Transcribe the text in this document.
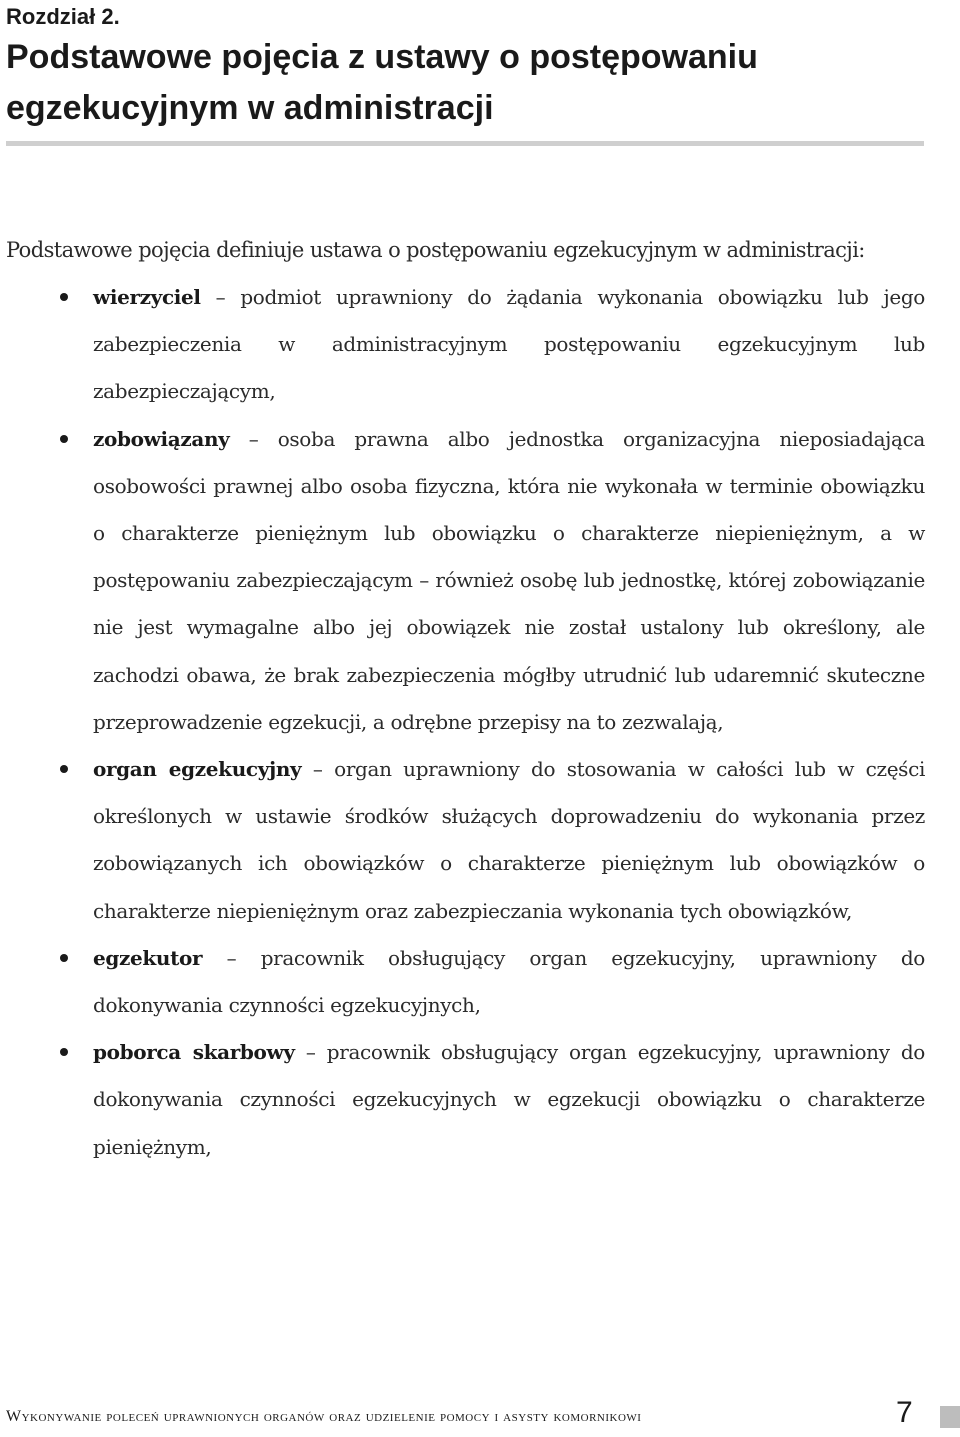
Rozdział 2.
Podstawowe pojęcia z ustawy o postępowaniu egzekucyjnym w administracji

Podstawowe pojęcia definiuje ustawa o postępowaniu egzekucyjnym w administracji:

wierzyciel – podmiot uprawniony do żądania wykonania obowiązku lub jego zabezpieczenia w administracyjnym postępowaniu egzekucyjnym lub zabezpieczającym,
zobowiązany – osoba prawna albo jednostka organizacyjna nieposiadająca osobowości prawnej albo osoba fizyczna, która nie wykonała w terminie obowiązku o charakterze pieniężnym lub obowiązku o charakterze niepieniężnym, a w postępowaniu zabezpieczającym – również osobę lub jednostkę, której zobowiązanie nie jest wymagalne albo jej obowiązek nie został ustalony lub określony, ale zachodzi obawa, że brak zabezpieczenia mógłby utrudnić lub udaremnić skuteczne przeprowadzenie egzekucji, a odrębne przepisy na to zezwalają,
organ egzekucyjny – organ uprawniony do stosowania w całości lub w części określonych w ustawie środków służących doprowadzeniu do wykonania przez zobowiązanych ich obowiązków o charakterze pieniężnym lub obowiązków o charakterze niepieniężnym oraz zabezpieczania wykonania tych obowiązków,
egzekutor – pracownik obsługujący organ egzekucyjny, uprawniony do dokonywania czynności egzekucyjnych,
poborca skarbowy – pracownik obsługujący organ egzekucyjny, uprawniony do dokonywania czynności egzekucyjnych w egzekucji obowiązku o charakterze pieniężnym,
Wykonywanie poleceń uprawnionych organów oraz udzielenie pomocy i asysty komornikowi	7
